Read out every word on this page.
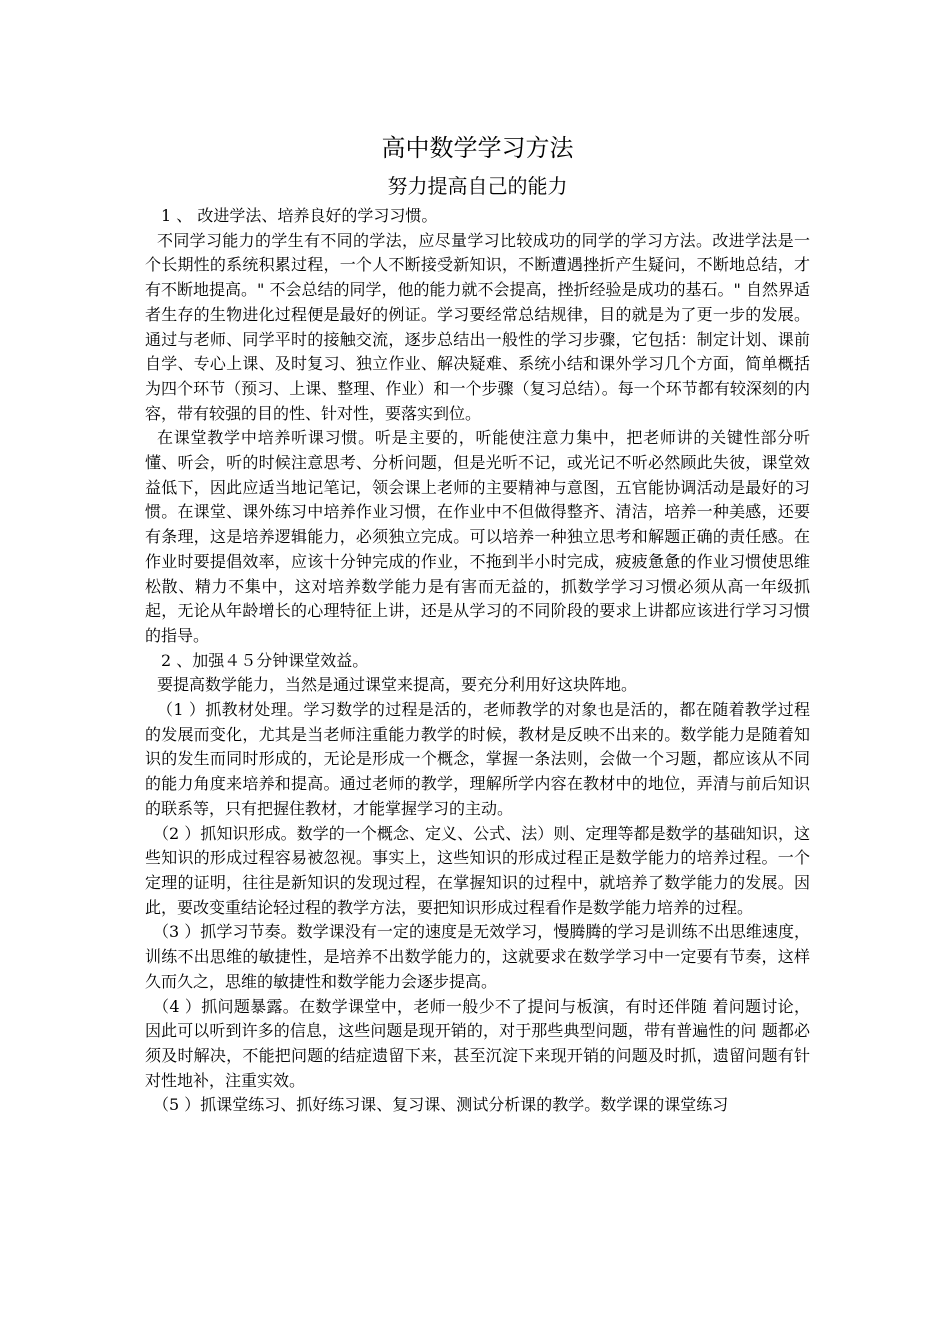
高中数学学习方法
努力提高自己的能力

1 、 改进学法、培养良好的学习习惯。

不同学习能力的学生有不同的学法，应尽量学习比较成功的同学的学习方法。改进学法是一个长期性的系统积累过程，一个人不断接受新知识，不断遭遇挫折产生疑问，不断地总结，才有不断地提高。" 不会总结的同学，他的能力就不会提高，挫折经验是成功的基石。" 自然界适者生存的生物进化过程便是最好的例证。学习要经常总结规律，目的就是为了更一步的发展。通过与老师、同学平时的接触交流，逐步总结出一般性的学习步骤，它包括：制定计划、课前自学、专心上课、及时复习、独立作业、解决疑难、系统小结和课外学习几个方面，简单概括为四个环节（预习、上课、整理、作业）和一个步骤（复习总结）。每一个环节都有较深刻的内容，带有较强的目的性、针对性，要落实到位。

在课堂教学中培养听课习惯。听是主要的，听能使注意力集中，把老师讲的关键性部分听懂、听会，听的时候注意思考、分析问题，但是光听不记，或光记不听必然顾此失彼，课堂效益低下，因此应适当地记笔记，领会课上老师的主要精神与意图，五官能协调活动是最好的习惯。在课堂、课外练习中培养作业习惯，在作业中不但做得整齐、清洁，培养一种美感，还要有条理，这是培养逻辑能力，必须独立完成。可以培养一种独立思考和解题正确的责任感。在作业时要提倡效率，应该十分钟完成的作业，不拖到半小时完成，疲疲惫惫的作业习惯使思维松散、精力不集中，这对培养数学能力是有害而无益的，抓数学学习习惯必须从高一年级抓起，无论从年龄增长的心理特征上讲，还是从学习的不同阶段的要求上讲都应该进行学习习惯的指导。

2 、加强４５分钟课堂效益。

要提高数学能力，当然是通过课堂来提高，要充分利用好这块阵地。

（1 ）抓教材处理。学习数学的过程是活的，老师教学的对象也是活的，都在随着教学过程的发展而变化，尤其是当老师注重能力教学的时候，教材是反映不出来的。数学能力是随着知识的发生而同时形成的，无论是形成一个概念，掌握一条法则，会做一个习题，都应该从不同的能力角度来培养和提高。通过老师的教学，理解所学内容在教材中的地位，弄清与前后知识的联系等，只有把握住教材，才能掌握学习的主动。

（2 ）抓知识形成。数学的一个概念、定义、公式、法）则、定理等都是数学的基础知识，这些知识的形成过程容易被忽视。事实上，这些知识的形成过程正是数学能力的培养过程。一个定理的证明，往往是新知识的发现过程，在掌握知识的过程中，就培养了数学能力的发展。因此，要改变重结论轻过程的教学方法，要把知识形成过程看作是数学能力培养的过程。

（3 ）抓学习节奏。数学课没有一定的速度是无效学习，慢腾腾的学习是训练不出思维速度，训练不出思维的敏捷性，是培养不出数学能力的，这就要求在数学学习中一定要有节奏，这样久而久之，思维的敏捷性和数学能力会逐步提高。

（4 ）抓问题暴露。在数学课堂中，老师一般少不了提问与板演，有时还伴随 着问题讨论，因此可以听到许多的信息，这些问题是现开销的，对于那些典型问题，带有普遍性的问 题都必须及时解决，不能把问题的结症遗留下来，甚至沉淀下来现开销的问题及时抓，遗留问题有针对性地补，注重实效。

（5 ）抓课堂练习、抓好练习课、复习课、测试分析课的教学。数学课的课堂练习
